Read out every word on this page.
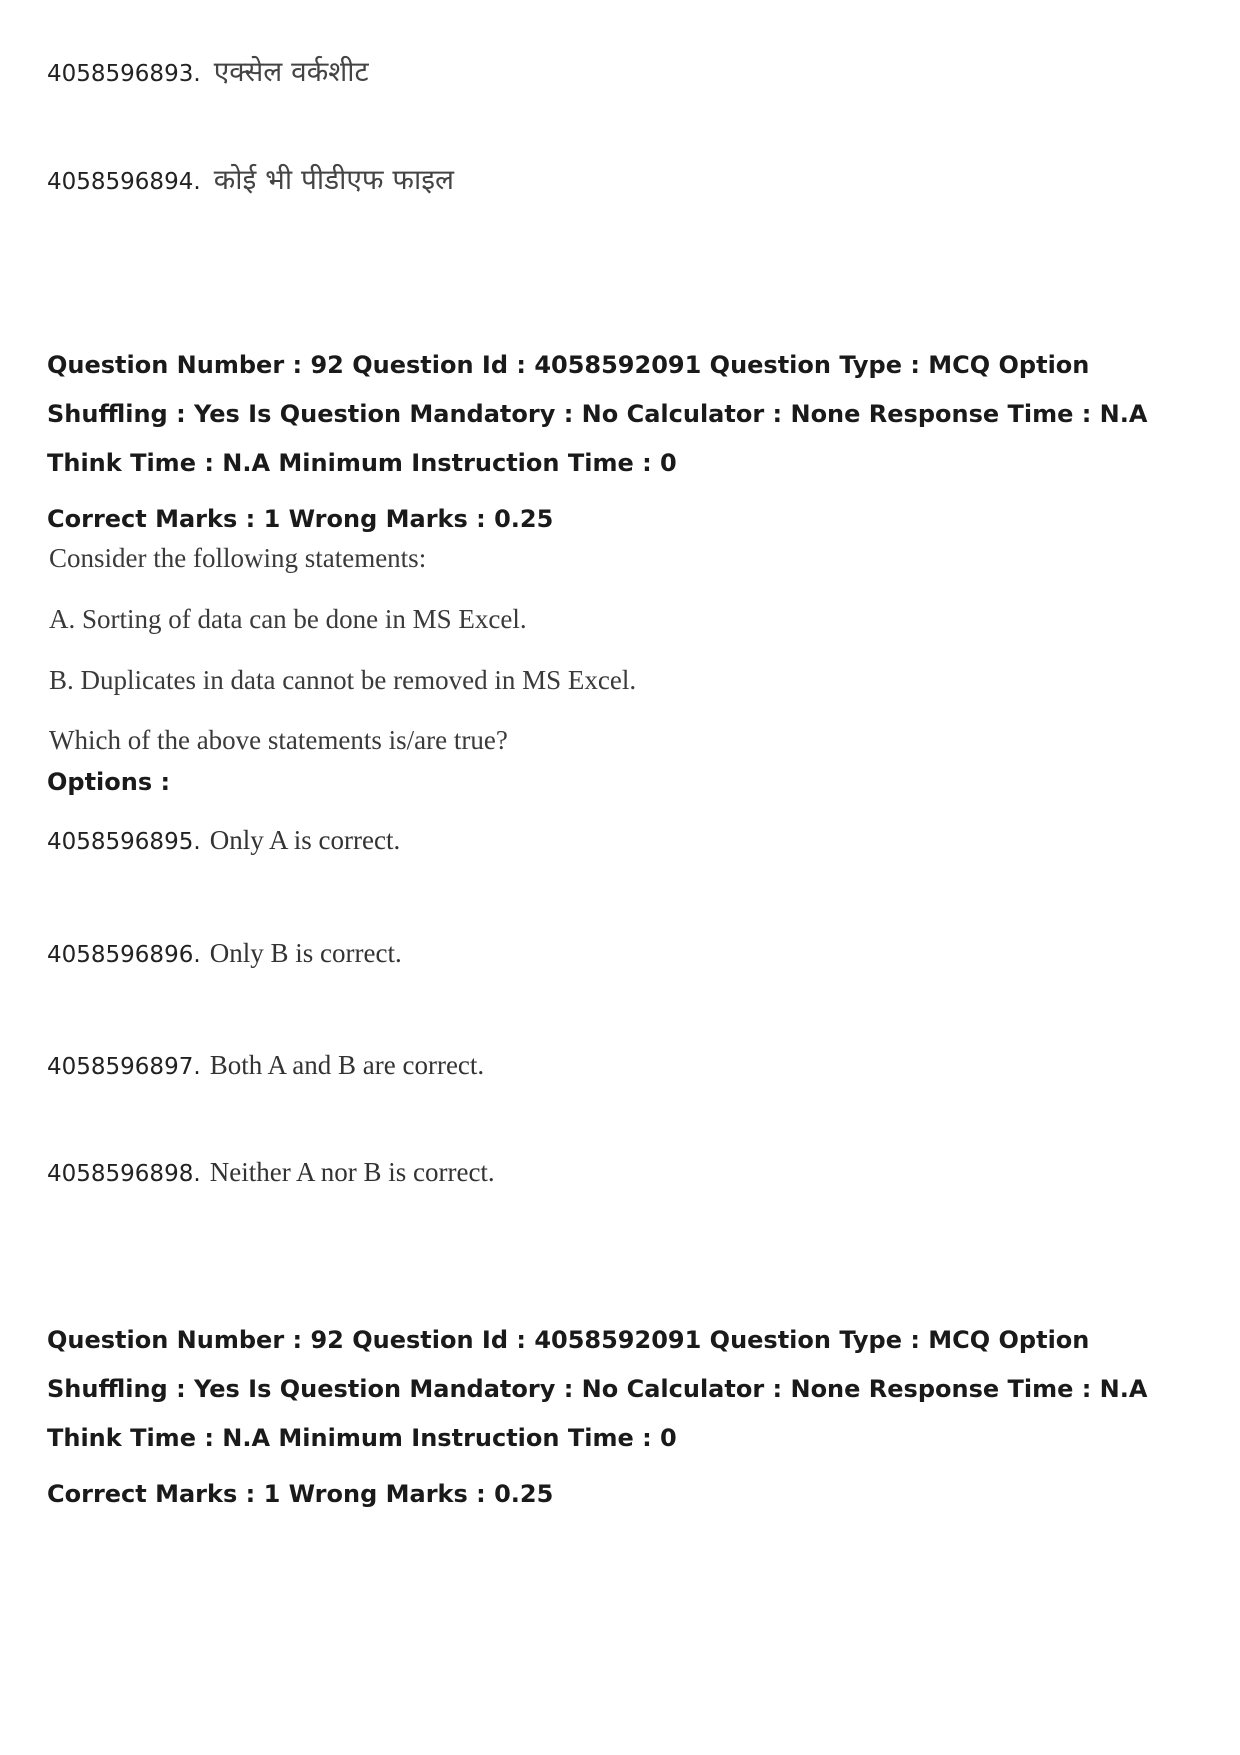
4058596893. एक्सेल वर्कशीट
4058596894. कोई भी पीडीएफ फाइल
Question Number : 92 Question Id : 4058592091 Question Type : MCQ Option Shuffling : Yes Is Question Mandatory : No Calculator : None Response Time : N.A Think Time : N.A Minimum Instruction Time : 0
Correct Marks : 1 Wrong Marks : 0.25
Consider the following statements:
A. Sorting of data can be done in MS Excel.
B. Duplicates in data cannot be removed in MS Excel.
Which of the above statements is/are true?
Options :
4058596895. Only A is correct.
4058596896. Only B is correct.
4058596897. Both A and B are correct.
4058596898. Neither A nor B is correct.
Question Number : 92 Question Id : 4058592091 Question Type : MCQ Option Shuffling : Yes Is Question Mandatory : No Calculator : None Response Time : N.A Think Time : N.A Minimum Instruction Time : 0
Correct Marks : 1 Wrong Marks : 0.25
